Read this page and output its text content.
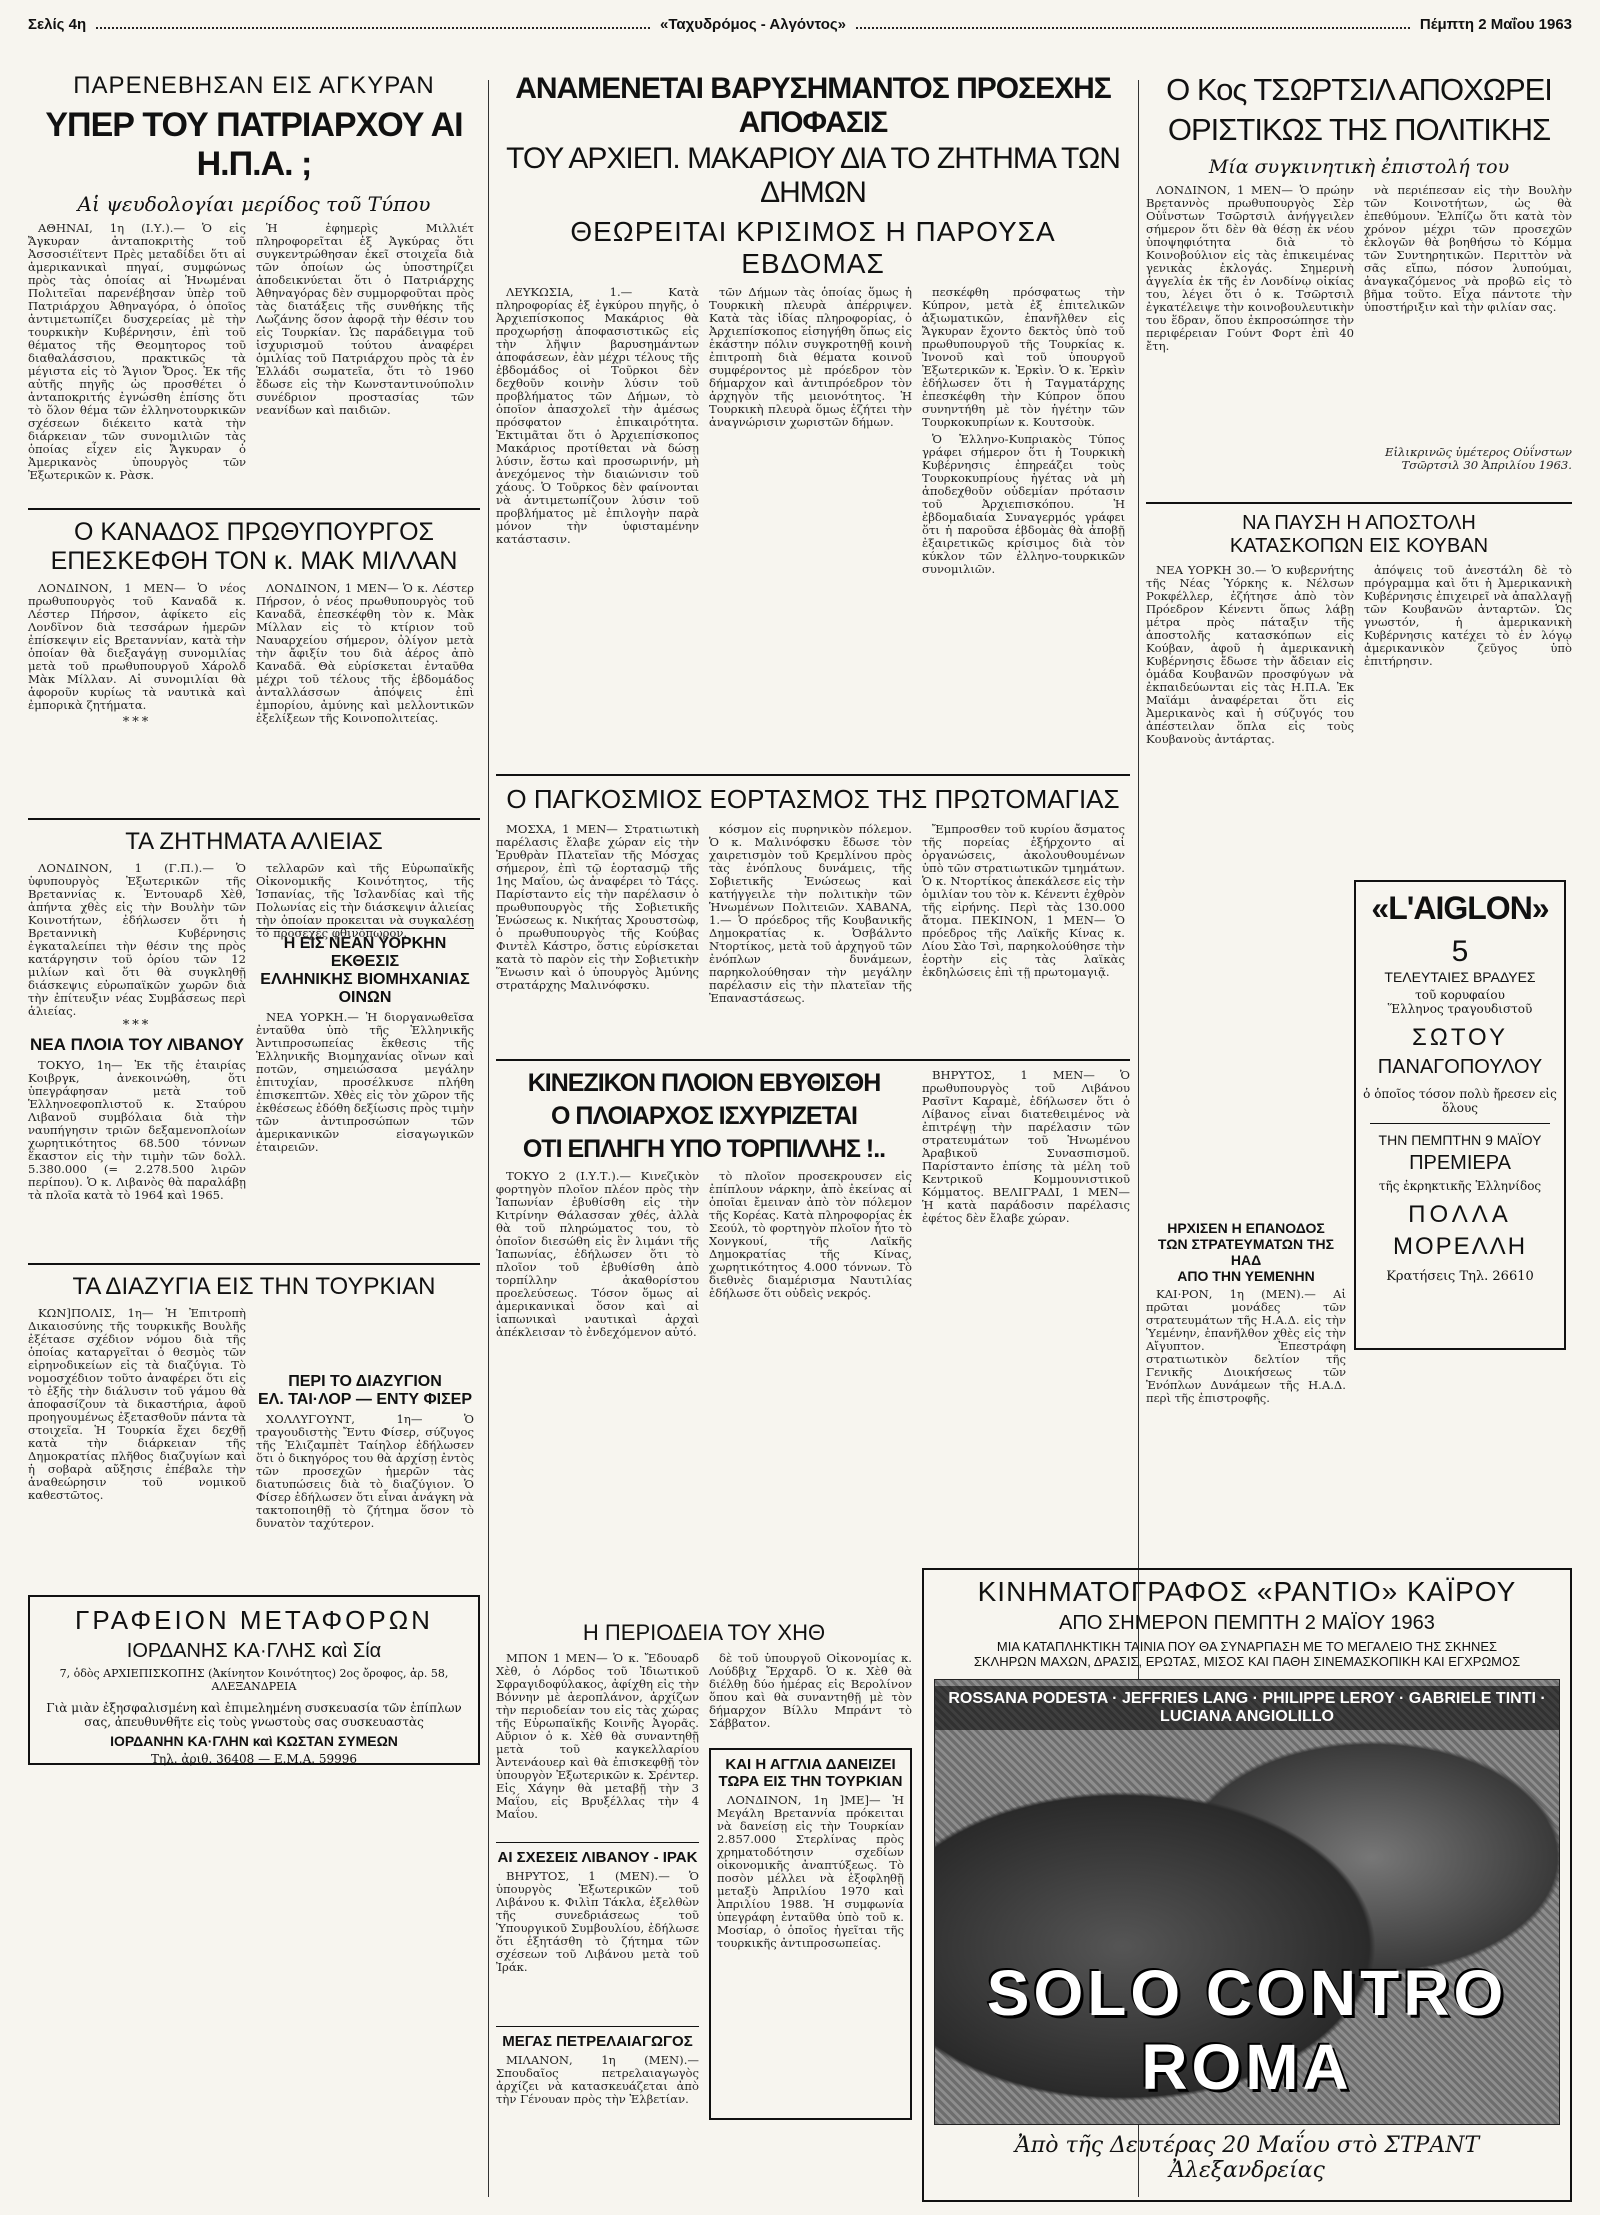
Σελίς 4η	«Ταχυδρόμος - Αλγόντος»	Πέμπτη 2 Μαΐου 1963
ΠΑΡΕΝΕΒΗΣΑΝ ΕΙΣ ΑΓΚΥΡΑΝ
ΥΠΕΡ ΤΟΥ ΠΑΤΡΙΑΡΧΟΥ ΑΙ Η.Π.Α. ;
Αἱ ψευδολογίαι μερίδος τοῦ Τύπου

ΑΘΗΝΑΙ, 1η (Ι.Υ.).— Ὁ εἰς Ἄγκυραν ἀνταποκριτὴς τοῦ Ἀσσοσιέϊτεντ Πρὲς μεταδίδει ὅτι αἱ ἀμερικανικαὶ πηγαί, συμφώνως πρὸς τὰς ὁποίας αἱ Ἡνωμέναι Πολιτεῖαι παρενέβησαν ὑπὲρ τοῦ Πατριάρχου Ἀθηναγόρα, ὁ ὁποῖος ἀντιμετωπίζει δυσχερείας μὲ τὴν τουρκικὴν Κυβέρνησιν, ἐπὶ τοῦ θέματος τῆς Θεομητορος τοῦ διαθαλάσσιου, πρακτικῶς τὰ μέγιστα εἰς τὸ Ἅγιον Ὄρος. Ἐκ τῆς αὐτῆς πηγῆς ὡς προσθέτει ὁ ἀνταποκριτής ἐγνώσθη ἐπίσης ὅτι τὸ ὅλον θέμα τῶν ἑλληνοτουρκικῶν σχέσεων διέκειτο κατὰ τὴν διάρκειαν τῶν συνομιλιῶν τὰς ὁποίας εἶχεν εἰς Ἄγκυραν ὁ Ἀμερικανὸς ὑπουργὸς τῶν Ἐξωτερικῶν κ. Ρὰσκ.

Ἡ ἐφημερὶς Μιλλιέτ πληροφορεῖται ἐξ Ἀγκύρας ὅτι συγκεντρώθησαν ἐκεῖ στοιχεῖα διὰ τῶν ὁποίων ὡς ὑποστηρίζει ἀποδεικνύεται ὅτι ὁ Πατριάρχης Ἀθηναγόρας δὲν συμμορφοῦται πρὸς τὰς διατάξεις τῆς συνθήκης τῆς Λωζάνης ὅσον ἀφορᾷ τὴν θέσιν του εἰς Τουρκίαν. Ὡς παράδειγμα τοῦ ἰσχυρισμοῦ τούτου ἀναφέρει ὁμιλίας τοῦ Πατριάρχου πρὸς τὰ ἐν Ἑλλάδι σωματεῖα, ὅτι τὸ 1960 ἔδωσε εἰς τὴν Κωνσταντινούπολιν συνέδριον προστασίας τῶν νεανίδων καὶ παιδιῶν.

Ο ΚΑΝΑΔΟΣ ΠΡΩΘΥΠΟΥΡΓΟΣ
ΕΠΕΣΚΕΦΘΗ ΤΟΝ κ. ΜΑΚ ΜΙΛΛΑΝ

ΛΟΝΔΙΝΟΝ, 1 ΜΕΝ— Ὁ νέος πρωθυπουργὸς τοῦ Καναδᾶ κ. Λέστερ Πήρσον, ἀφίκετο εἰς Λονδῖνον διὰ τεσσάρων ἡμερῶν ἐπίσκεψιν εἰς Βρεταννίαν, κατὰ τὴν ὁποίαν θὰ διεξαγάγῃ συνομιλίας μετὰ τοῦ πρωθυπουργοῦ Χάρολδ Μὰκ Μίλλαν. Αἱ συνομιλίαι θὰ ἀφοροῦν κυρίως τὰ ναυτικὰ καὶ ἐμπορικὰ ζητήματα.

***

ΛΟΝΔΙΝΟΝ, 1 ΜΕΝ— Ὁ κ. Λέστερ Πήρσον, ὁ νέος πρωθυπουργὸς τοῦ Καναδᾶ, ἐπεσκέφθη τὸν κ. Μὰκ Μίλλαν εἰς τὸ κτίριον τοῦ Ναυαρχείου σήμερον, ὀλίγον μετὰ τὴν ἄφιξίν του διὰ ἀέρος ἀπὸ Καναδᾶ. Θὰ εὑρίσκεται ἐνταῦθα μέχρι τοῦ τέλους τῆς ἑβδομάδος ἀνταλλάσσων ἀπόψεις ἐπὶ ἐμπορίου, ἀμύνης καὶ μελλοντικῶν ἐξελίξεων τῆς Κοινοπολιτείας.

ΤΑ ΖΗΤΗΜΑΤΑ ΑΛΙΕΙΑΣ

ΛΟΝΔΙΝΟΝ, 1 (Γ.Π.).— Ὁ ὑφυπουργὸς Ἐξωτερικῶν τῆς Βρεταννίας κ. Ἐντουαρδ Χὲθ, ἀπήντα χθὲς εἰς τὴν Βουλὴν τῶν Κοινοτήτων, ἐδήλωσεν ὅτι ἡ Βρεταννικὴ Κυβέρνησις ἐγκαταλείπει τὴν θέσιν της πρὸς κατάργησιν τοῦ ὁρίου τῶν 12 μιλίων καὶ ὅτι θὰ συγκληθῇ διάσκεψις εὐρωπαϊκῶν χωρῶν διὰ τὴν ἐπίτευξιν νέας Συμβάσεως περὶ ἁλιείας.

***
ΝΕΑ ΠΛΟΙΑ ΤΟΥ ΛΙΒΑΝΟΥ

ΤΟΚΥΟ, 1η— Ἐκ τῆς ἑταιρίας Κοιβργκ, ἀνεκοινώθη, ὅτι ὑπεγράφησαν μετὰ τοῦ Ἑλληνοεφοπλιστοῦ κ. Σταύρου Λιβανοῦ συμβόλαια διὰ τὴν ναυπήγησιν τριῶν δεξαμενοπλοίων χωρητικότητος 68.500 τόννων ἕκαστον εἰς τὴν τιμὴν τῶν δολλ. 5.380.000 (= 2.278.500 λιρῶν περίπου). Ὁ κ. Λιβανὸς θὰ παραλάβῃ τὰ πλοῖα κατὰ τὸ 1964 καὶ 1965.

τελλαρῶν καὶ τῆς Εὐρωπαϊκῆς Οἰκονομικῆς Κοινότητος, τῆς Ἰσπανίας, τῆς Ἰσλανδίας καὶ τῆς Πολωνίας εἰς τὴν διάσκεψιν ἁλιείας τὴν ὁποίαν προκειται νὰ συγκαλέσῃ τὸ προσεχὲς φθινόπωρον.

Η ΕΙΣ ΝΕΑΝ ΥΟΡΚΗΝ ΕΚΘΕΣΙΣ
ΕΛΛΗΝΙΚΗΣ ΒΙΟΜΗΧΑΝΙΑΣ ΟΙΝΩΝ

ΝΕΑ ΥΟΡΚΗ.— Ἡ διοργανωθεῖσα ἐνταῦθα ὑπὸ τῆς Ἑλληνικῆς Ἀντιπροσωπείας ἔκθεσις τῆς Ἑλληνικῆς Βιομηχανίας οἴνων καὶ ποτῶν, σημειώσασα μεγάλην ἐπιτυχίαν, προσέλκυσε πλήθη ἐπισκεπτῶν. Χθὲς εἰς τὸν χῶρον τῆς ἐκθέσεως ἐδόθη δεξίωσις πρὸς τιμὴν τῶν ἀντιπροσώπων τῶν ἀμερικανικῶν εἰσαγωγικῶν ἑταιρειῶν.

ΤΑ ΔΙΑΖΥΓΙΑ ΕΙΣ ΤΗΝ ΤΟΥΡΚΙΑΝ

ΚΩΝ]ΠΟΛΙΣ, 1η— Ἡ Ἐπιτροπὴ Δικαιοσύνης τῆς τουρκικῆς Βουλῆς ἐξέτασε σχέδιον νόμου διὰ τῆς ὁποίας καταργεῖται ὁ θεσμὸς τῶν εἰρηνοδικείων εἰς τὰ διαζύγια. Τὸ νομοσχέδιον τοῦτο ἀναφέρει ὅτι εἰς τὸ ἑξῆς τὴν διάλυσιν τοῦ γάμου θὰ ἀποφασίζουν τὰ δικαστήρια, ἀφοῦ προηγουμένως ἐξετασθοῦν πάντα τὰ στοιχεῖα. Ἡ Τουρκία ἔχει δεχθῇ κατὰ τὴν διάρκειαν τῆς Δημοκρατίας πλῆθος διαζυγίων καὶ ἡ σοβαρὰ αὔξησις ἐπέβαλε τὴν ἀναθεώρησιν τοῦ νομικοῦ καθεστῶτος.

ΠΕΡΙ ΤΟ ΔΙΑΖΥΓΙΟΝ
ΕΛ. ΤΑΙ·ΛΟΡ — ΕΝΤΥ ΦΙΣΕΡ

ΧΟΛΛΥΓΟΥΝΤ, 1η— Ὁ τραγουδιστὴς Ἔντυ Φίσερ, σύζυγος τῆς Ἐλιζαμπὲτ Ταίηλορ ἐδήλωσεν ὅτι ὁ δικηγόρος του θὰ ἀρχίσῃ ἐντὸς τῶν προσεχῶν ἡμερῶν τὰς διατυπώσεις διὰ τὸ διαζύγιον. Ὁ Φίσερ ἐδήλωσεν ὅτι εἶναι ἀνάγκη νὰ τακτοποιηθῇ τὸ ζήτημα ὅσον τὸ δυνατὸν ταχύτερον.

ΓΡΑΦΕΙΟΝ ΜΕΤΑΦΟΡΩΝ
ΙΟΡΔΑΝΗΣ ΚΑ·ΓΛΗΣ καὶ Σία
7, ὁδὸς ΑΡΧΙΕΠΙΣΚΟΠΗΣ (Ἀκίνητον Κοινότητος) 2ος ὄροφος, ἀρ. 58, ΑΛΕΞΑΝΔΡΕΙΑ
Γιὰ μιὰν ἐξησφαλισμένη καὶ ἐπιμελημένη συσκευασία τῶν ἐπίπλων σας, ἀπευθυνθῆτε εἰς τοὺς γνωστοὺς σας συσκευαστὰς
ΙΟΡΔΑΝΗΝ ΚΑ·ΓΛΗΝ καὶ ΚΩΣΤΑΝ ΣΥΜΕΩΝ
Τηλ. ἀριθ. 36408 — Ε.Μ.Α. 59996
ΑΝΑΜΕΝΕΤΑΙ ΒΑΡΥΣΗΜΑΝΤΟΣ ΠΡΟΣΕΧΗΣ ΑΠΟΦΑΣΙΣ
ΤΟΥ ΑΡΧΙΕΠ. ΜΑΚΑΡΙΟΥ ΔΙΑ ΤΟ ΖΗΤΗΜΑ ΤΩΝ ΔΗΜΩΝ
ΘΕΩΡΕΙΤΑΙ ΚΡΙΣΙΜΟΣ Η ΠΑΡΟΥΣΑ ΕΒΔΟΜΑΣ

ΛΕΥΚΩΣΙΑ, 1.— Κατὰ πληροφορίας ἐξ ἐγκύρου πηγῆς, ὁ Ἀρχιεπίσκοπος Μακάριος θὰ προχωρήσῃ ἀποφασιστικῶς εἰς τὴν λῆψιν βαρυσημάντων ἀποφάσεων, ἐὰν μέχρι τέλους τῆς ἑβδομάδος οἱ Τοῦρκοι δὲν δεχθοῦν κοινὴν λύσιν τοῦ προβλήματος τῶν Δήμων, τὸ ὁποῖον ἀπασχολεῖ τὴν ἀμέσως πρόσφατον ἐπικαιρότητα. Ἐκτιμᾶται ὅτι ὁ Ἀρχιεπίσκοπος Μακάριος προτίθεται νὰ δώσῃ λύσιν, ἔστω καὶ προσωρινήν, μὴ ἀνεχόμενος τὴν διαιώνισιν τοῦ χάους. Ὁ Τοῦρκος δὲν φαίνονται νὰ ἀντιμετωπίζουν λύσιν τοῦ προβλήματος μὲ ἐπιλογὴν παρὰ μόνον τὴν ὑφισταμένην κατάστασιν.

τῶν Δήμων τὰς ὁποίας ὅμως ἡ Τουρκικὴ πλευρὰ ἀπέρριψεν. Κατὰ τὰς ἰδίας πληροφορίας, ὁ Ἀρχιεπίσκοπος εἰσηγήθη ὅπως εἰς ἑκάστην πόλιν συγκροτηθῇ κοινὴ ἐπιτροπὴ διὰ θέματα κοινοῦ συμφέροντος μὲ πρόεδρον τὸν δήμαρχον καὶ ἀντιπρόεδρον τὸν ἀρχηγὸν τῆς μειονότητος. Ἡ Τουρκικὴ πλευρὰ ὅμως ἐζήτει τὴν ἀναγνώρισιν χωριστῶν δήμων.

πεσκέφθη πρόσφατως τὴν Κύπρον, μετὰ ἐξ ἐπιτελικῶν ἀξιωματικῶν, ἐπανῆλθεν εἰς Ἄγκυραν ἔχοντο δεκτὸς ὑπὸ τοῦ πρωθυπουργοῦ τῆς Τουρκίας κ. Ἰνονοῦ καὶ τοῦ ὑπουργοῦ Ἐξωτερικῶν κ. Ἐρκὶν. Ὁ κ. Ἐρκὶν ἐδήλωσεν ὅτι ἡ Ταγματάρχης ἐπεσκέφθη τὴν Κύπρον ὅπου συνηντήθη μὲ τὸν ἡγέτην τῶν Τουρκοκυπρίων κ. Κουτσοὺκ.

Ὁ Ἑλληνο-Κυπριακὸς Τύπος γράφει σήμερον ὅτι ἡ Τουρκικὴ Κυβέρνησις ἐπηρεάζει τοὺς Τουρκοκυπρίους ἡγέτας νὰ μὴ ἀποδεχθοῦν οὐδεμίαν πρότασιν τοῦ Ἀρχιεπισκόπου. Ἡ ἐβδομαδιαία Συναγερμός γράφει ὅτι ἡ παροῦσα ἑβδομὰς θὰ ἀποβῇ ἐξαιρετικῶς κρίσιμος διὰ τὸν κύκλον τῶν ἑλληνο-τουρκικῶν συνομιλιῶν.

Ο ΠΑΓΚΟΣΜΙΟΣ ΕΟΡΤΑΣΜΟΣ ΤΗΣ ΠΡΩΤΟΜΑΓΙΑΣ

ΜΟΣΧΑ, 1 ΜΕΝ— Στρατιωτικὴ παρέλασις ἔλαβε χώραν εἰς τὴν Ἐρυθρὰν Πλατεῖαν τῆς Μόσχας σήμερον, ἐπὶ τῷ ἑορτασμῷ τῆς 1ης Μαΐου, ὡς ἀναφέρει τὸ Τάςς. Παρίσταντο εἰς τὴν παρέλασιν ὁ πρωθυπουργὸς τῆς Σοβιετικῆς Ἑνώσεως κ. Νικήτας Χρουστσὼφ, ὁ πρωθυπουργὸς τῆς Κούβας Φιντὲλ Κάστρο, ὅστις εὑρίσκεται κατὰ τὸ παρὸν εἰς τὴν Σοβιετικὴν Ἕνωσιν καὶ ὁ ὑπουργὸς Ἀμύνης στρατάρχης Μαλινόφσκυ.

κόσμον εἰς πυρηνικὸν πόλεμον. Ὁ κ. Μαλινόφσκυ ἔδωσε τὸν χαιρετισμὸν τοῦ Κρεμλίνου πρὸς τὰς ἐνόπλους δυνάμεις, τῆς Σοβιετικῆς Ἑνώσεως καὶ κατήγγειλε τὴν πολιτικὴν τῶν Ἡνωμένων Πολιτειῶν. ΧΑΒΑΝΑ, 1.— Ὁ πρόεδρος τῆς Κουβανικῆς Δημοκρατίας κ. Ὀσβάλντο Ντορτίκος, μετὰ τοῦ ἀρχηγοῦ τῶν ἐνόπλων δυνάμεων, παρηκολούθησαν τὴν μεγάλην παρέλασιν εἰς τὴν πλατεῖαν τῆς Ἐπαναστάσεως.

Ἔμπροσθεν τοῦ κυρίου ἄσματος τῆς πορείας ἐξήρχοντο αἱ ὀργανώσεις, ἀκολουθουμένων ὑπὸ τῶν στρατιωτικῶν τμημάτων. Ὁ κ. Ντορτίκος ἀπεκάλεσε εἰς τὴν ὁμιλίαν του τὸν κ. Κένεντι ἐχθρὸν τῆς εἰρήνης. Περὶ τὰς 130.000 ἄτομα. ΠΕΚΙΝΟΝ, 1 ΜΕΝ— Ὁ πρόεδρος τῆς Λαϊκῆς Κίνας κ. Λίου Σὰο Τσὶ, παρηκολούθησε τὴν ἑορτὴν εἰς τὰς λαϊκὰς ἐκδηλώσεις ἐπὶ τῇ πρωτομαγιᾷ.

ΚΙΝΕΖΙΚΟΝ ΠΛΟΙΟΝ ΕΒΥΘΙΣΘΗ
Ο ΠΛΟΙΑΡΧΟΣ ΙΣΧΥΡΙΖΕΤΑΙ
ΟΤΙ ΕΠΛΗΓΗ ΥΠΟ ΤΟΡΠΙΛΛΗΣ !..

ΤΟΚΥΟ 2 (Ι.Υ.Τ.).— Κινεζικὸν φορτηγὸν πλοῖον πλέον πρὸς τὴν Ἰαπωνίαν ἐβυθίσθη εἰς τὴν Κιτρίνην Θάλασσαν χθές, ἀλλὰ θὰ τοῦ πληρώματος του, τὸ ὁποῖον διεσώθη εἰς ἓν λιμάνι τῆς Ἰαπωνίας, ἐδήλωσεν ὅτι τὸ πλοῖον τοῦ ἐβυθίσθη ἀπὸ τορπίλλην ἀκαθορίστου προελεύσεως. Τόσον ὅμως αἱ ἀμερικανικαὶ ὅσον καὶ αἱ ἰαπωνικαὶ ναυτικαὶ ἀρχαὶ ἀπέκλεισαν τὸ ἐνδεχόμενον αὐτό.

τὸ πλοῖον προσεκρουσεν εἰς ἐπίπλουν νάρκην, ἀπὸ ἐκείνας αἱ ὁποῖαι ἔμειναν ἀπὸ τὸν πόλεμον τῆς Κορέας. Κατὰ πληροφορίας ἐκ Σεούλ, τὸ φορτηγὸν πλοῖον ἦτο τὸ Χονγκουί, τῆς Λαϊκῆς Δημοκρατίας τῆς Κίνας, χωρητικότητος 4.000 τόννων. Τὸ διεθνὲς διαμέρισμα Ναυτιλίας ἐδήλωσε ὅτι οὐδεὶς νεκρός.

ΒΗΡΥΤΟΣ, 1 ΜΕΝ— Ὁ πρωθυπουργὸς τοῦ Λιβάνου Ρασῖντ Καραμὲ, ἐδήλωσεν ὅτι ὁ Λίβανος εἶναι διατεθειμένος νὰ ἐπιτρέψῃ τὴν παρέλασιν τῶν στρατευμάτων τοῦ Ἡνωμένου Ἀραβικοῦ Συνασπισμοῦ. Παρίσταντο ἐπίσης τὰ μέλη τοῦ Κεντρικοῦ Κομμουνιστικοῦ Κόμματος. ΒΕΛΙΓΡΑΔΙ, 1 ΜΕΝ— Ἡ κατὰ παράδοσιν παρέλασις ἐφέτος δὲν ἔλαβε χώραν.

Η ΠΕΡΙΟΔΕΙΑ ΤΟΥ ΧΗΘ

ΜΠΟΝ 1 ΜΕΝ— Ὁ κ. Ἔδουαρδ Χὲθ, ὁ Λόρδος τοῦ Ἰδιωτικοῦ Σφραγιδοφύλακος, ἀφίχθη εἰς τὴν Βόννην μὲ ἀεροπλάνον, ἀρχίζων τὴν περιοδείαν του εἰς τὰς χώρας τῆς Εὐρωπαϊκῆς Κοινῆς Ἀγορᾶς. Αὔριον ὁ κ. Χὲθ θὰ συναντηθῇ μετὰ τοῦ καγκελλαρίου Ἀντενάουερ καὶ θὰ ἐπισκεφθῇ τὸν ὑπουργὸν Ἐξωτερικῶν κ. Σρέντερ. Εἰς Χάγην θὰ μεταβῇ τὴν 3 Μαΐου, εἰς Βρυξέλλας τὴν 4 Μαΐου.

ΑΙ ΣΧΕΣΕΙΣ ΛΙΒΑΝΟΥ - ΙΡΑΚ

ΒΗΡΥΤΟΣ, 1 (ΜΕΝ).— Ὁ ὑπουργὸς Ἐξωτερικῶν τοῦ Λιβάνου κ. Φιλὶπ Τάκλα, ἐξελθὼν τῆς συνεδριάσεως τοῦ Ὑπουργικοῦ Συμβουλίου, ἐδήλωσε ὅτι ἐξητάσθη τὸ ζήτημα τῶν σχέσεων τοῦ Λιβάνου μετὰ τοῦ Ἰράκ.

ΜΕΓΑΣ ΠΕΤΡΕΛΑΙΑΓΩΓΟΣ

ΜΙΛΑΝΟΝ, 1η (ΜΕΝ).— Σπουδαῖος πετρελαιαγωγὸς ἀρχίζει νὰ κατασκευάζεται ἀπὸ τὴν Γένουαν πρὸς τὴν Ἑλβετίαν.

δὲ τοῦ ὑπουργοῦ Οἰκονομίας κ. Λούδβιχ Ἔρχαρδ. Ὁ κ. Χὲθ θὰ διέλθῃ δύο ἡμέρας εἰς Βερολίνον ὅπου καὶ θὰ συναντηθῇ μὲ τὸν δήμαρχον Βίλλυ Μπράντ τὸ Σάββατον.

ΚΑΙ Η ΑΓΓΛΙΑ ΔΑΝΕΙΖΕΙ
ΤΩΡΑ ΕΙΣ ΤΗΝ ΤΟΥΡΚΙΑΝ

ΛΟΝΔΙΝΟΝ, 1η ]ΜΕ]— Ἡ Μεγάλη Βρεταννία πρόκειται νὰ δανείσῃ εἰς τὴν Τουρκίαν 2.857.000 Στερλίνας πρὸς χρηματοδότησιν σχεδίων οἰκονομικῆς ἀναπτύξεως. Τὸ ποσὸν μέλλει νὰ ἐξοφληθῇ μεταξὺ Ἀπριλίου 1970 καὶ Ἀπριλίου 1988. Ἡ συμφωνία ὑπεγράφη ἐνταῦθα ὑπὸ τοῦ κ. Μοσίαρ, ὁ ὁποῖος ἡγεῖται τῆς τουρκικῆς ἀντιπροσωπείας.

Ο Κος ΤΣΩΡΤΣΙΛ ΑΠΟΧΩΡΕΙ
ΟΡΙΣΤΙΚΩΣ ΤΗΣ ΠΟΛΙΤΙΚΗΣ
Μία συγκινητικὴ ἐπιστολή του

ΛΟΝΔΙΝΟΝ, 1 ΜΕΝ— Ὁ πρώην Βρεταννὸς πρωθυπουργὸς Σὲρ Οὐΐνστων Τσῶρτσιλ ἀνήγγειλεν σήμερον ὅτι δὲν θὰ θέσῃ ἐκ νέου ὑποψηφιότητα διὰ τὸ Κοινοβούλιον εἰς τὰς ἐπικειμένας γενικὰς ἐκλογάς. Σημερινὴ ἀγγελία ἐκ τῆς ἐν Λονδίνῳ οἰκίας του, λέγει ὅτι ὁ κ. Τσῶρτσιλ ἐγκατέλειψε τὴν κοινοβουλευτικὴν του ἕδραν, ὅπου ἐκπροσώπησε τὴν περιφέρειαν Γούντ Φορτ ἐπὶ 40 ἔτη.

νὰ περιέπεσαν εἰς τὴν Βουλὴν τῶν Κοινοτήτων, ὡς θὰ ἐπεθύμουν. Ἐλπίζω ὅτι κατὰ τὸν χρόνον μέχρι τῶν προσεχῶν ἐκλογῶν θὰ βοηθήσω τὸ Κόμμα τῶν Συντηρητικῶν. Περιττὸν νὰ σᾶς εἴπω, πόσον λυπούμαι, ἀναγκαζόμενος νὰ προβῶ εἰς τὸ βῆμα τοῦτο. Εἶχα πάντοτε τὴν ὑποστήριξιν καὶ τὴν φιλίαν σας.

Εἰλικρινῶς ὑμέτερος Οὐΐνστων Τσῶρτσιλ 30 Ἀπριλίου 1963.

ΝΑ ΠΑΥΣΗ Η ΑΠΟΣΤΟΛΗ
ΚΑΤΑΣΚΟΠΩΝ ΕΙΣ ΚΟΥΒΑΝ

ΝΕΑ ΥΟΡΚΗ 30.— Ὁ κυβερνήτης τῆς Νέας Ὑόρκης κ. Νέλσων Ροκφέλλερ, ἐζήτησε ἀπὸ τὸν Πρόεδρον Κένεντι ὅπως λάβῃ μέτρα πρὸς πάταξιν τῆς ἀποστολῆς κατασκόπων εἰς Κούβαν, ἀφοῦ ἡ ἀμερικανικὴ Κυβέρνησις ἔδωσε τὴν ἄδειαν εἰς ὁμάδα Κουβανῶν προσφύγων νὰ ἐκπαιδεύωνται εἰς τὰς Η.Π.Α. Ἐκ Μαϊάμι ἀναφέρεται ὅτι εἰς Ἀμερικανὸς καὶ ἡ σύζυγός του ἀπέστειλαν ὅπλα εἰς τοὺς Κουβανοὺς ἀντάρτας.

ἀπόψεις τοῦ ἀνεστάλη δὲ τὸ πρόγραμμα καὶ ὅτι ἡ Ἀμερικανικὴ Κυβέρνησις ἐπιχειρεῖ νὰ ἀπαλλαγῇ τῶν Κουβανῶν ἀνταρτῶν. Ὡς γνωστόν, ἡ ἀμερικανικὴ Κυβέρνησις κατέχει τὸ ἐν λόγῳ ἀμερικανικὸν ζεῦγος ὑπὸ ἐπιτήρησιν.

«L'AIGLON»
5
ΤΕΛΕΥΤΑΙΕΣ ΒΡΑΔΥΕΣ
τοῦ κορυφαίου
Ἕλληνος τραγουδιστοῦ
ΣΩΤΟΥ
ΠΑΝΑΓΟΠΟΥΛΟΥ
ὁ ὁποῖος τόσον πολὺ ἤρεσεν εἰς ὅλους
ΤΗΝ ΠΕΜΠΤΗΝ 9 ΜΑΪΟΥ
ΠΡΕΜΙΕΡΑ
τῆς ἐκρηκτικῆς Ἑλληνίδος
ΠΟΛΛΑ
ΜΟΡΕΛΛΗ
Κρατήσεις Τηλ. 26610
ΗΡΧΙΣΕΝ Η ΕΠΑΝΟΔΟΣ
ΤΩΝ ΣΤΡΑΤΕΥΜΑΤΩΝ ΤΗΣ ΗΑΔ
ΑΠΟ ΤΗΝ ΥΕΜΕΝΗΝ

ΚΑΙ·ΡΟΝ, 1η (ΜΕΝ).— Αἱ πρῶται μονάδες τῶν στρατευμάτων τῆς Η.Α.Δ. εἰς τὴν Ὑεμένην, ἐπανῆλθον χθὲς εἰς τὴν Αἴγυπτον. Ἐπεστράφη στρατιωτικὸν δελτίον τῆς Γενικῆς Διοικήσεως τῶν Ἐνόπλων Δυνάμεων τῆς Η.Α.Δ. περὶ τῆς ἐπιστροφῆς.

ΚΙΝΗΜΑΤΟΓΡΑΦΟΣ «ΡΑΝΤΙΟ» ΚΑΪΡΟΥ
ΑΠΟ ΣΗΜΕΡΟΝ ΠΕΜΠΤΗ 2 ΜΑΪΟΥ 1963
ΜΙΑ ΚΑΤΑΠΛΗΚΤΙΚΗ ΤΑΙΝΙΑ ΠΟΥ ΘΑ ΣΥΝΑΡΠΑΣΗ ΜΕ ΤΟ ΜΕΓΑΛΕΙΟ ΤΗΣ ΣΚΗΝΕΣ ΣΚΛΗΡΩΝ ΜΑΧΩΝ, ΔΡΑΣΙΣ, ΕΡΩΤΑΣ, ΜΙΣΟΣ ΚΑΙ ΠΑΘΗ ΣΙΝΕΜΑΣΚΟΠΙΚΗ ΚΑΙ ΕΓΧΡΩΜΟΣ
ROSSANA PODESTA · JEFFRIES LANG · PHILIPPE LEROY · GABRIELE TINTI · LUCIANA ANGIOLILLO
SOLO CONTRO ROMA
Ἀπὸ τῆς Δευτέρας 20 Μαΐου στὸ ΣΤΡΑΝΤ Ἀλεξανδρείας
